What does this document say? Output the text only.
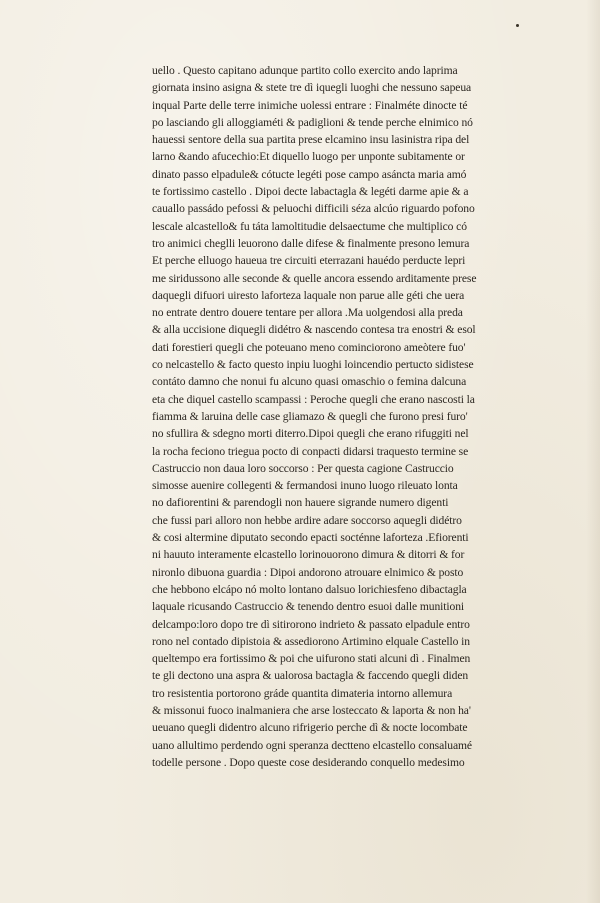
uello . Questo capitano adunque partito collo exercito ando laprima
giornata insino asigna & stete tre dì iquegli luoghi che nessuno sapeua
inqual Parte delle terre inimiche uolessi entrare : Finalméte dinocte té
po lasciando gli alloggiaméti & padiglioni & tende perche elnimico nó
hauessi sentore della sua partita prese elcamino insu lasinistra ripa del
larno &ando afucechio:Et diquello luogo per unponte subitamente or
dinato passo elpadule& cótucte legéti pose campo asáncta maria amó
te fortissimo castello . Dipoi decte labactagla & legéti darme apie & a
cauallo passádo pefossi & peluochi difficili séza alcúo riguardo pofono
lescale alcastello& fu táta lamoltitudie delsaectume che multiplico có
tro animici cheglli leuorono dalle difese & finalmente presono lemura
Et perche elluogo haueua tre circuiti eterrazani hauédo perducte lepri
me siridussono alle seconde & quelle ancora essendo arditamente prese
daquegli difuori uiresto laforteza laquale non parue alle géti che uera
no entrate dentro douere tentare per allora .Ma uolgendosi alla preda
& alla uccisione diquegli didétro & nascendo contesa tra enostri & esol
dati forestieri quegli che poteuano meno cominciorono ameòtere fuo'
co nelcastello & facto questo inpiu luoghi loincendio pertucto sidistese
contáto damno che nonui fu alcuno quasi omaschio o femina dalcuna
eta che diquel castello scampassi : Peroche quegli che erano nascosti la
fiamma & laruina delle case gliamazo & quegli che furono presi furo'
no sfullira & sdegno morti diterro.Dipoi quegli che erano rifuggiti nel
la rocha feciono triegua pocto di conpacti didarsi traquesto termine se
Castruccio non daua loro soccorso : Per questa cagione Castruccio
simosse auenire collegenti & fermandosi inuno luogo rileuato lonta
no dafiorentini & parendogli non hauere sigrande numero digenti
che fussi pari alloro non hebbe ardire adare soccorso aquegli didétro
& cosi altermine diputato secondo epacti socténne laforteza .Efiorenti
ni hauuto interamente elcastello lorinouorono dimura & ditorri & for
nironlo dibuona guardia : Dipoi andorono atrouare elnimico & posto
che hebbono elcápo nó molto lontano dalsuo lorichiesfeno dibactagla
laquale ricusando Castruccio & tenendo dentro esuoi dalle munitioni
delcampo:loro dopo tre dì sitirorono indrieto & passato elpadule entro
rono nel contado dipistoia & assediorono Artimino elquale Castello in
queltempo era fortissimo & poi che uifurono stati alcuni dì . Finalmen
te gli dectono una aspra & ualorosa bactagla & faccendo quegli diden
tro resistentia portorono gráde quantita dimateria intorno allemura
& missonui fuoco inalmaniera che arse losteccato & laporta & non ha'
ueuano quegli didentro alcuno rifrigerio perche dì & nocte locombate
uano allultimo perdendo ogni speranza dectteno elcastello consaluamé
todelle persone . Dopo queste cose desiderando conquello medesimo
